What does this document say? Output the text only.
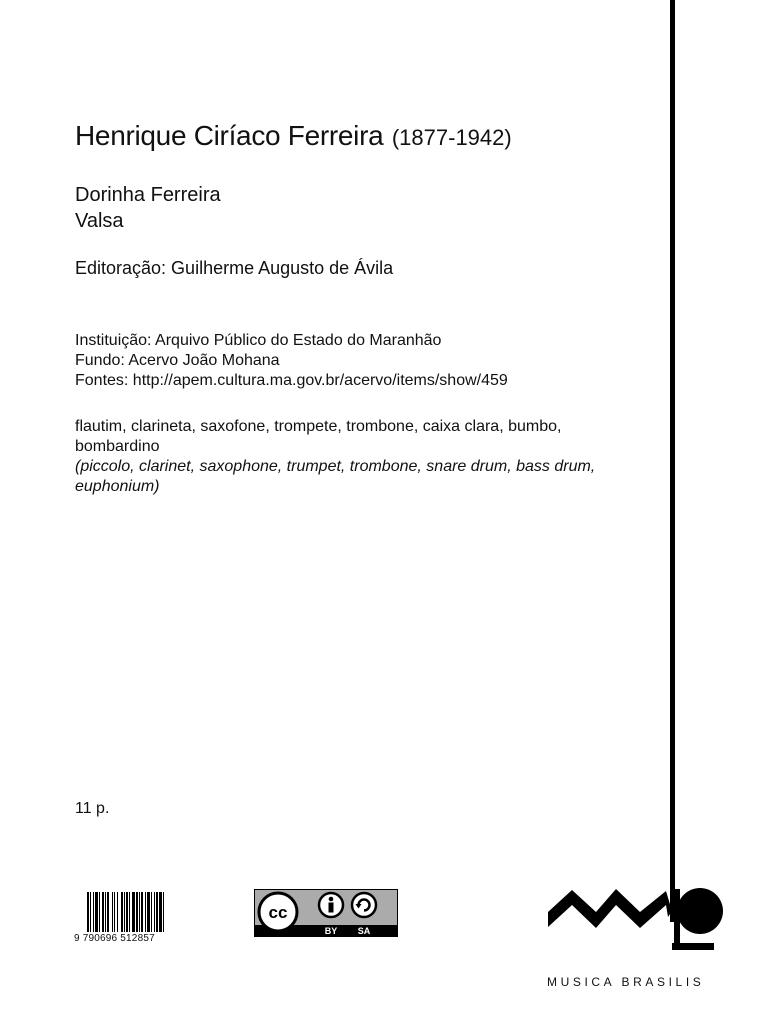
Henrique Ciríaco Ferreira (1877-1942)
Dorinha Ferreira
Valsa
Editoração: Guilherme Augusto de Ávila
Instituição: Arquivo Público do Estado do Maranhão
Fundo: Acervo João Mohana
Fontes: http://apem.cultura.ma.gov.br/acervo/items/show/459
flautim, clarineta, saxofone, trompete, trombone, caixa clara, bumbo, bombardino
(piccolo, clarinet, saxophone, trumpet, trombone, snare drum, bass drum, euphonium)
11 p.
9 790696 512857
cc
BY SA
MUSICA BRASILIS
